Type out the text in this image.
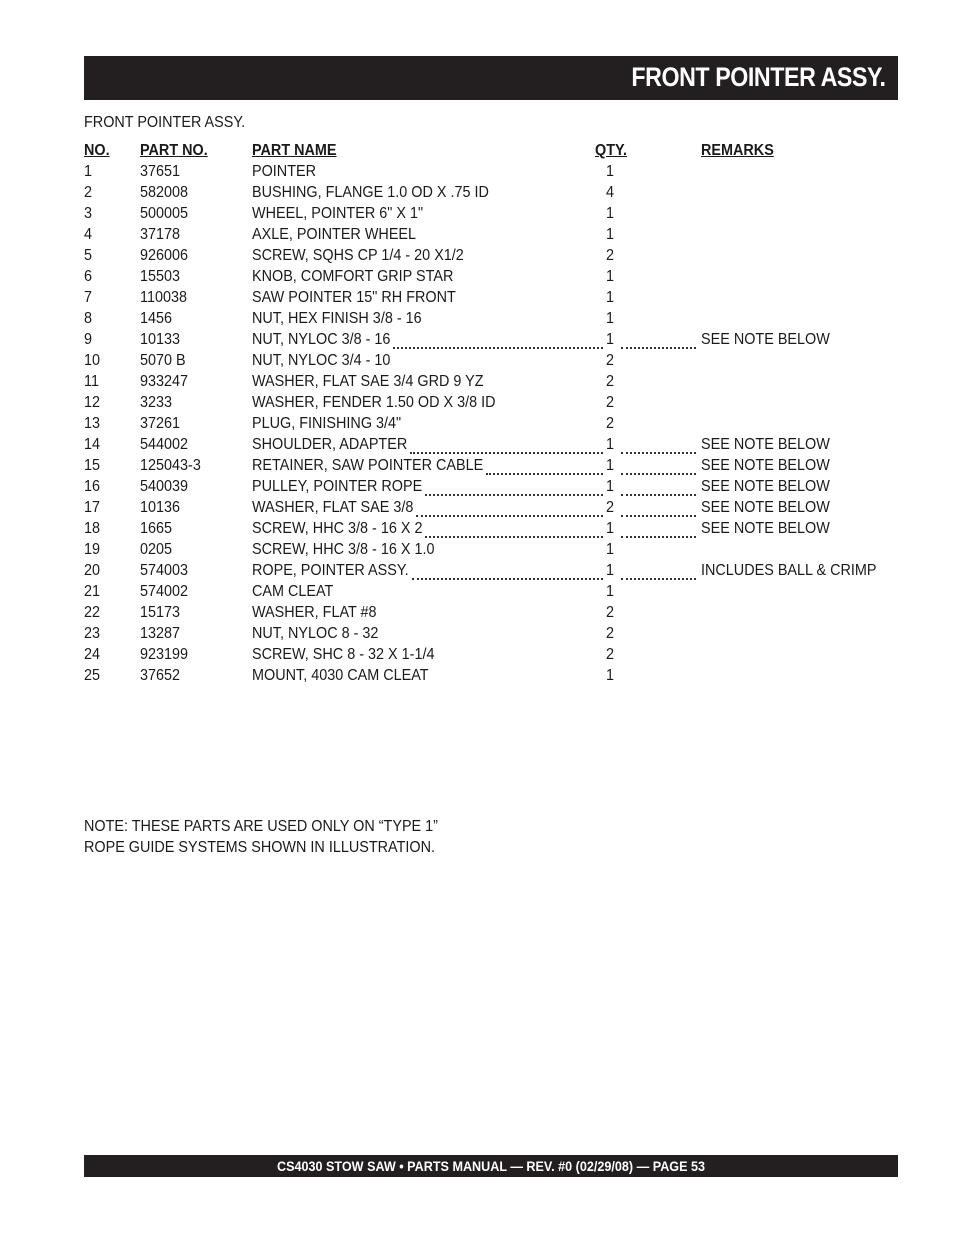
FRONT POINTER ASSY.
FRONT POINTER ASSY.
NO. PART NO.	PART NAME	QTY.	REMARKS
1	37651	POINTER	1
2	582008	BUSHING, FLANGE 1.0 OD X .75 ID	4
3	500005	WHEEL, POINTER 6" X 1"	1
4	37178	AXLE, POINTER WHEEL	1
5	926006	SCREW, SQHS CP 1/4 - 20 X1/2	2
6	15503	KNOB, COMFORT GRIP STAR	1
7	110038	SAW POINTER 15" RH FRONT	1
8	1456	NUT, HEX FINISH 3/8 - 16	1
9	10133	NUT, NYLOC 3/8 - 16	1	SEE NOTE BELOW
10 5070 B	NUT, NYLOC 3/4 - 10	2
11	933247	WASHER, FLAT SAE 3/4 GRD 9 YZ	2
12 3233	WASHER, FENDER 1.50 OD X 3/8 ID	2
13 37261	PLUG, FINISHING 3/4"	2
14 544002	SHOULDER, ADAPTER	1	SEE NOTE BELOW
15 125043-3	RETAINER, SAW POINTER CABLE	1	SEE NOTE BELOW
16 540039	PULLEY, POINTER ROPE	1	SEE NOTE BELOW
17 10136	WASHER, FLAT SAE 3/8	2	SEE NOTE BELOW
18 1665	SCREW, HHC 3/8 - 16 X 2	1	SEE NOTE BELOW
19 0205	SCREW, HHC 3/8 - 16 X 1.0	1
20 574003	ROPE, POINTER ASSY.	1	INCLUDES BALL & CRIMP
21 574002	CAM CLEAT	1
22 15173	WASHER, FLAT #8	2
23 13287	NUT, NYLOC 8 - 32	2
24 923199	SCREW, SHC 8 - 32 X 1-1/4	2
25 37652	MOUNT, 4030 CAM CLEAT	1
NOTE: THESE PARTS ARE USED ONLY ON “TYPE 1”
ROPE GUIDE SYSTEMS SHOWN IN ILLUSTRATION.
CS4030 STOW SAW • PARTS MANUAL — REV. #0 (02/29/08) — PAGE 53
